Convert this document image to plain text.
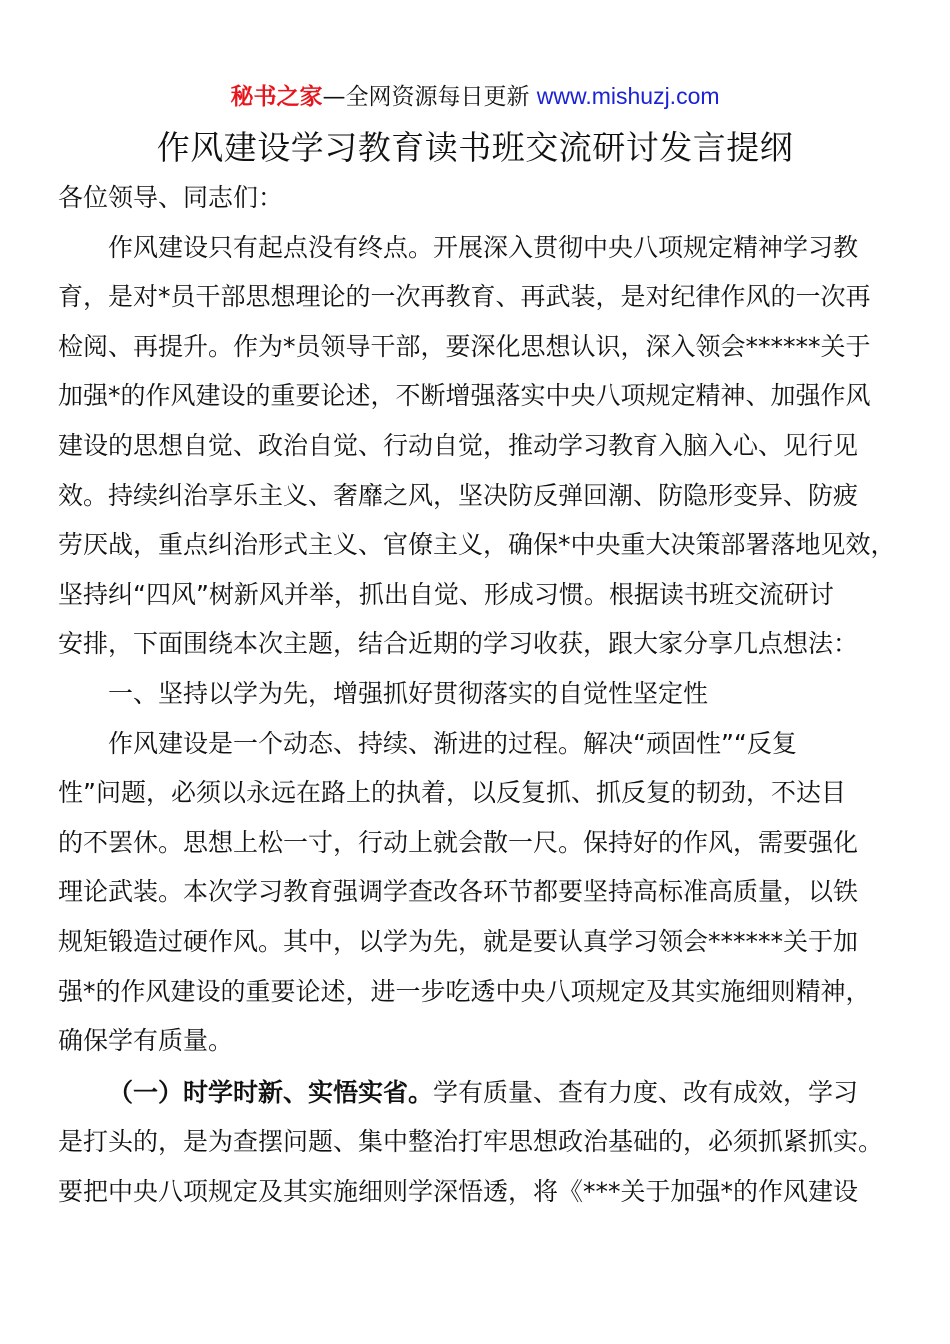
秘书之家—全网资源每日更新 www.mishuzj.com
作风建设学习教育读书班交流研讨发言提纲
各位领导、同志们：
作风建设只有起点没有终点。开展深入贯彻中央八项规定精神学习教
育，是对*员干部思想理论的一次再教育、再武装，是对纪律作风的一次再
检阅、再提升。作为*员领导干部，要深化思想认识，深入领会******关于
加强*的作风建设的重要论述，不断增强落实中央八项规定精神、加强作风
建设的思想自觉、政治自觉、行动自觉，推动学习教育入脑入心、见行见
效。持续纠治享乐主义、奢靡之风，坚决防反弹回潮、防隐形变异、防疲
劳厌战，重点纠治形式主义、官僚主义，确保*中央重大决策部署落地见效，
坚持纠“四风”树新风并举，抓出自觉、形成习惯。根据读书班交流研讨
安排，下面围绕本次主题，结合近期的学习收获，跟大家分享几点想法：
一、坚持以学为先，增强抓好贯彻落实的自觉性坚定性
作风建设是一个动态、持续、渐进的过程。解决“顽固性”“反复
性”问题，必须以永远在路上的执着，以反复抓、抓反复的韧劲，不达目
的不罢休。思想上松一寸，行动上就会散一尺。保持好的作风，需要强化
理论武装。本次学习教育强调学查改各环节都要坚持高标准高质量，以铁
规矩锻造过硬作风。其中，以学为先，就是要认真学习领会******关于加
强*的作风建设的重要论述，进一步吃透中央八项规定及其实施细则精神，
确保学有质量。
（一）时学时新、实悟实省。学有质量、查有力度、改有成效，学习
是打头的，是为查摆问题、集中整治打牢思想政治基础的，必须抓紧抓实。
要把中央八项规定及其实施细则学深悟透，将《***关于加强*的作风建设
